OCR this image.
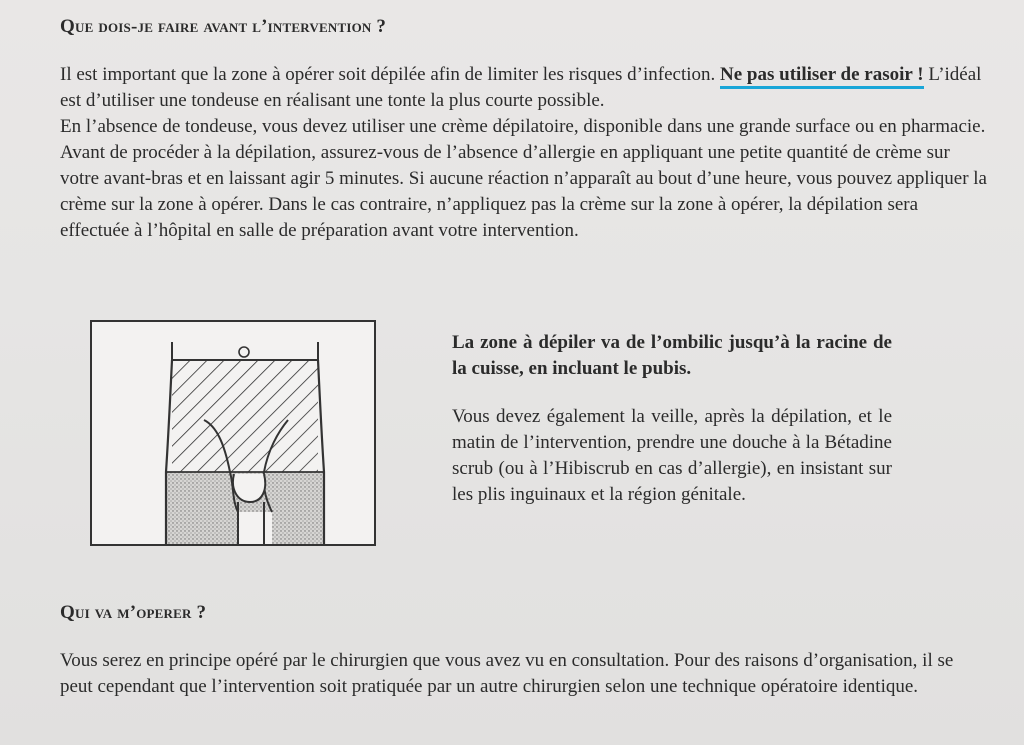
Que dois-je faire avant l’intervention ?
Il est important que la zone à opérer soit dépilée afin de limiter les risques d’infection. Ne pas utiliser de rasoir ! L’idéal est d’utiliser une tondeuse en réalisant une tonte la plus courte possible.
En l’absence de tondeuse, vous devez utiliser une crème dépilatoire, disponible dans une grande surface ou en pharmacie. Avant de procéder à la dépilation, assurez-vous de l’absence d’allergie en appliquant une petite quantité de crème sur votre avant-bras et en laissant agir 5 minutes. Si aucune réaction n’apparaît au bout d’une heure, vous pouvez appliquer la crème sur la zone à opérer. Dans le cas contraire, n’appliquez pas la crème sur la zone à opérer, la dépilation sera effectuée à l’hôpital en salle de préparation avant votre intervention.
La zone à dépiler va de l’ombilic jusqu’à la racine de la cuisse, en incluant le pubis.
Vous devez également la veille, après la dépilation, et le matin de l’intervention, prendre une douche à la Bétadine scrub (ou à l’Hibiscrub en cas d’allergie), en insistant sur les plis inguinaux et la région génitale.
Qui va m’operer ?
Vous serez en principe opéré par le chirurgien que vous avez vu en consultation. Pour des raisons d’organisation, il se peut cependant que l’intervention soit pratiquée par un autre chirurgien selon une technique opératoire identique.
